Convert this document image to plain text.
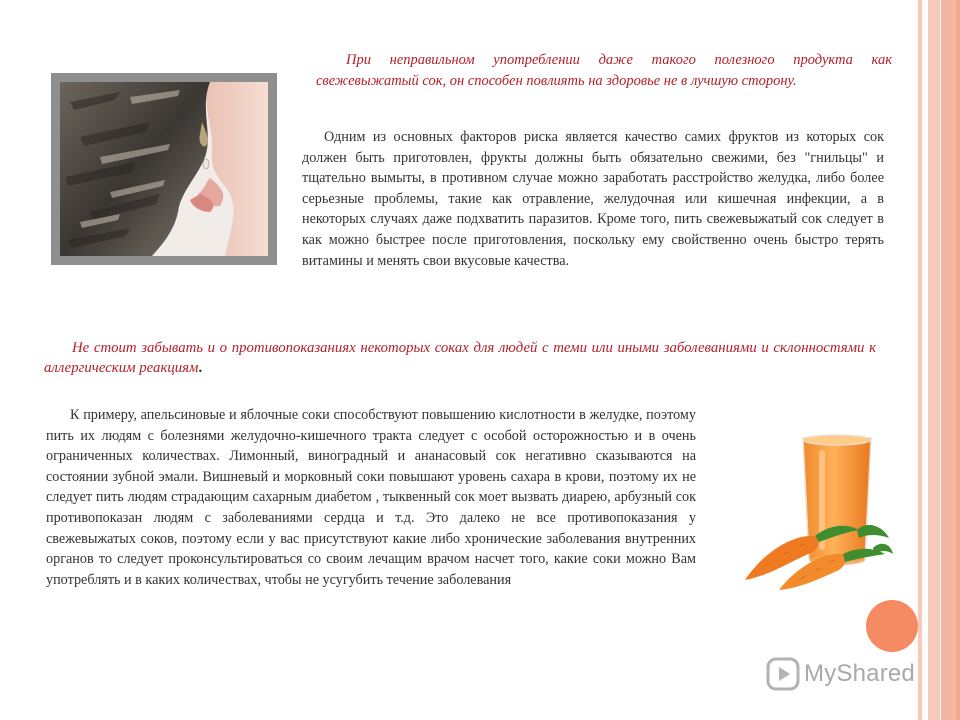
При неправильном употреблении даже такого полезного продукта как свежевыжатый сок, он способен повлиять на здоровье не в лучшую сторону.

Одним из основных факторов риска является качество самих фруктов из которых сок должен быть приготовлен, фрукты должны быть обязательно свежими, без "гнильцы" и тщательно вымыты, в противном случае можно заработать расстройство желудка, либо более серьезные проблемы, такие как отравление, желудочная или кишечная инфекции, а в некоторых случаях даже подхватить паразитов. Кроме того, пить свежевыжатый сок следует в как можно быстрее после приготовления, поскольку ему свойственно очень быстро терять витамины и менять свои вкусовые качества.

Не стоит забывать и о противопоказаниях некоторых соках для людей с теми или иными заболеваниями и склонностями к аллергическим реакциям.

К примеру, апельсиновые и яблочные соки способствуют повышению кислотности в желудке, поэтому пить их людям с болезнями желудочно-кишечного тракта следует с особой осторожностью и в очень ограниченных количествах. Лимонный, виноградный и ананасовый сок негативно сказываются на состоянии зубной эмали. Вишневый и морковный соки повышают уровень сахара в крови, поэтому их не следует пить людям страдающим сахарным диабетом , тыквенный сок моет вызвать диарею, арбузный сок противопоказан людям с заболеваниями сердца и т.д. Это далеко не все противопоказания у свежевыжатых соков, поэтому если у вас присутствуют какие либо хронические заболевания внутренних органов то следует проконсультироваться со своим лечащим врачом насчет того, какие соки можно Вам употреблять и в каких количествах, чтобы не усугубить течение заболевания

MyShared
